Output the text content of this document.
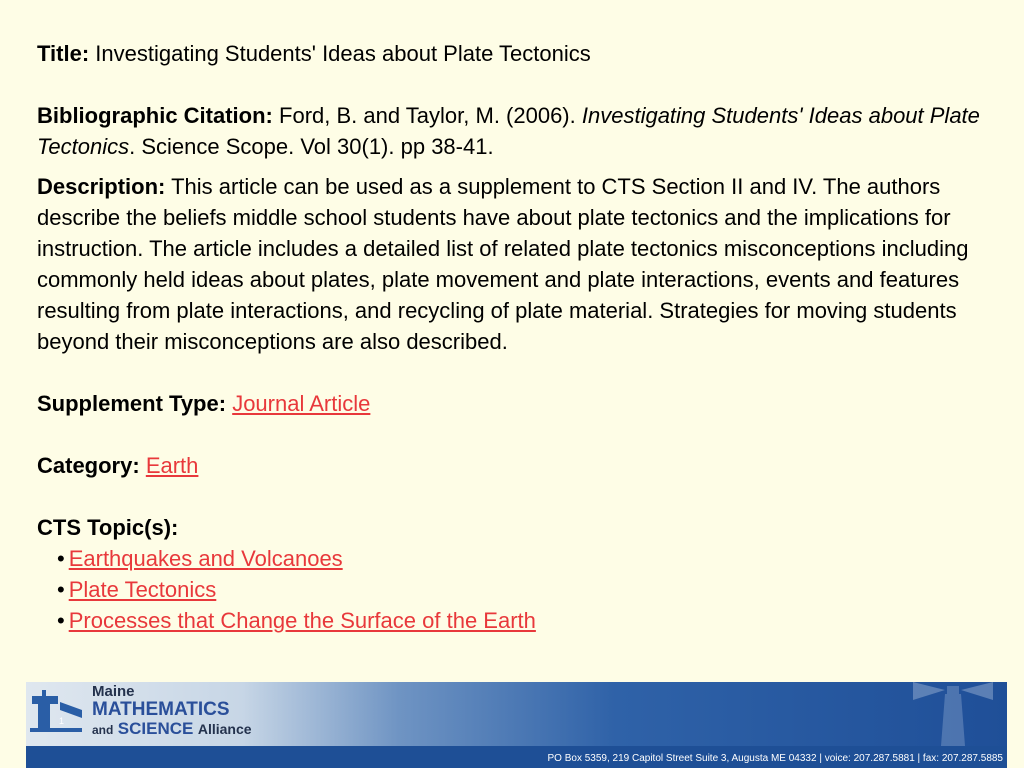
Title: Investigating Students' Ideas about Plate Tectonics

Bibliographic Citation: Ford, B. and Taylor, M. (2006). Investigating Students' Ideas about Plate Tectonics. Science Scope. Vol 30(1). pp 38-41.

Description: This article can be used as a supplement to CTS Section II and IV. The authors describe the beliefs middle school students have about plate tectonics and the implications for instruction. The article includes a detailed list of related plate tectonics misconceptions including commonly held ideas about plates, plate movement and plate interactions, events and features resulting from plate interactions, and recycling of plate material. Strategies for moving students beyond their misconceptions are also described.

Supplement Type: Journal Article

Category: Earth

CTS Topic(s):

• Earthquakes and Volcanoes
• Plate Tectonics
• Processes that Change the Surface of the Earth
1
Maine
MATHEMATICS
and SCIENCE Alliance
PO Box 5359, 219 Capitol Street Suite 3, Augusta ME 04332 | voice: 207.287.5881 | fax: 207.287.5885
